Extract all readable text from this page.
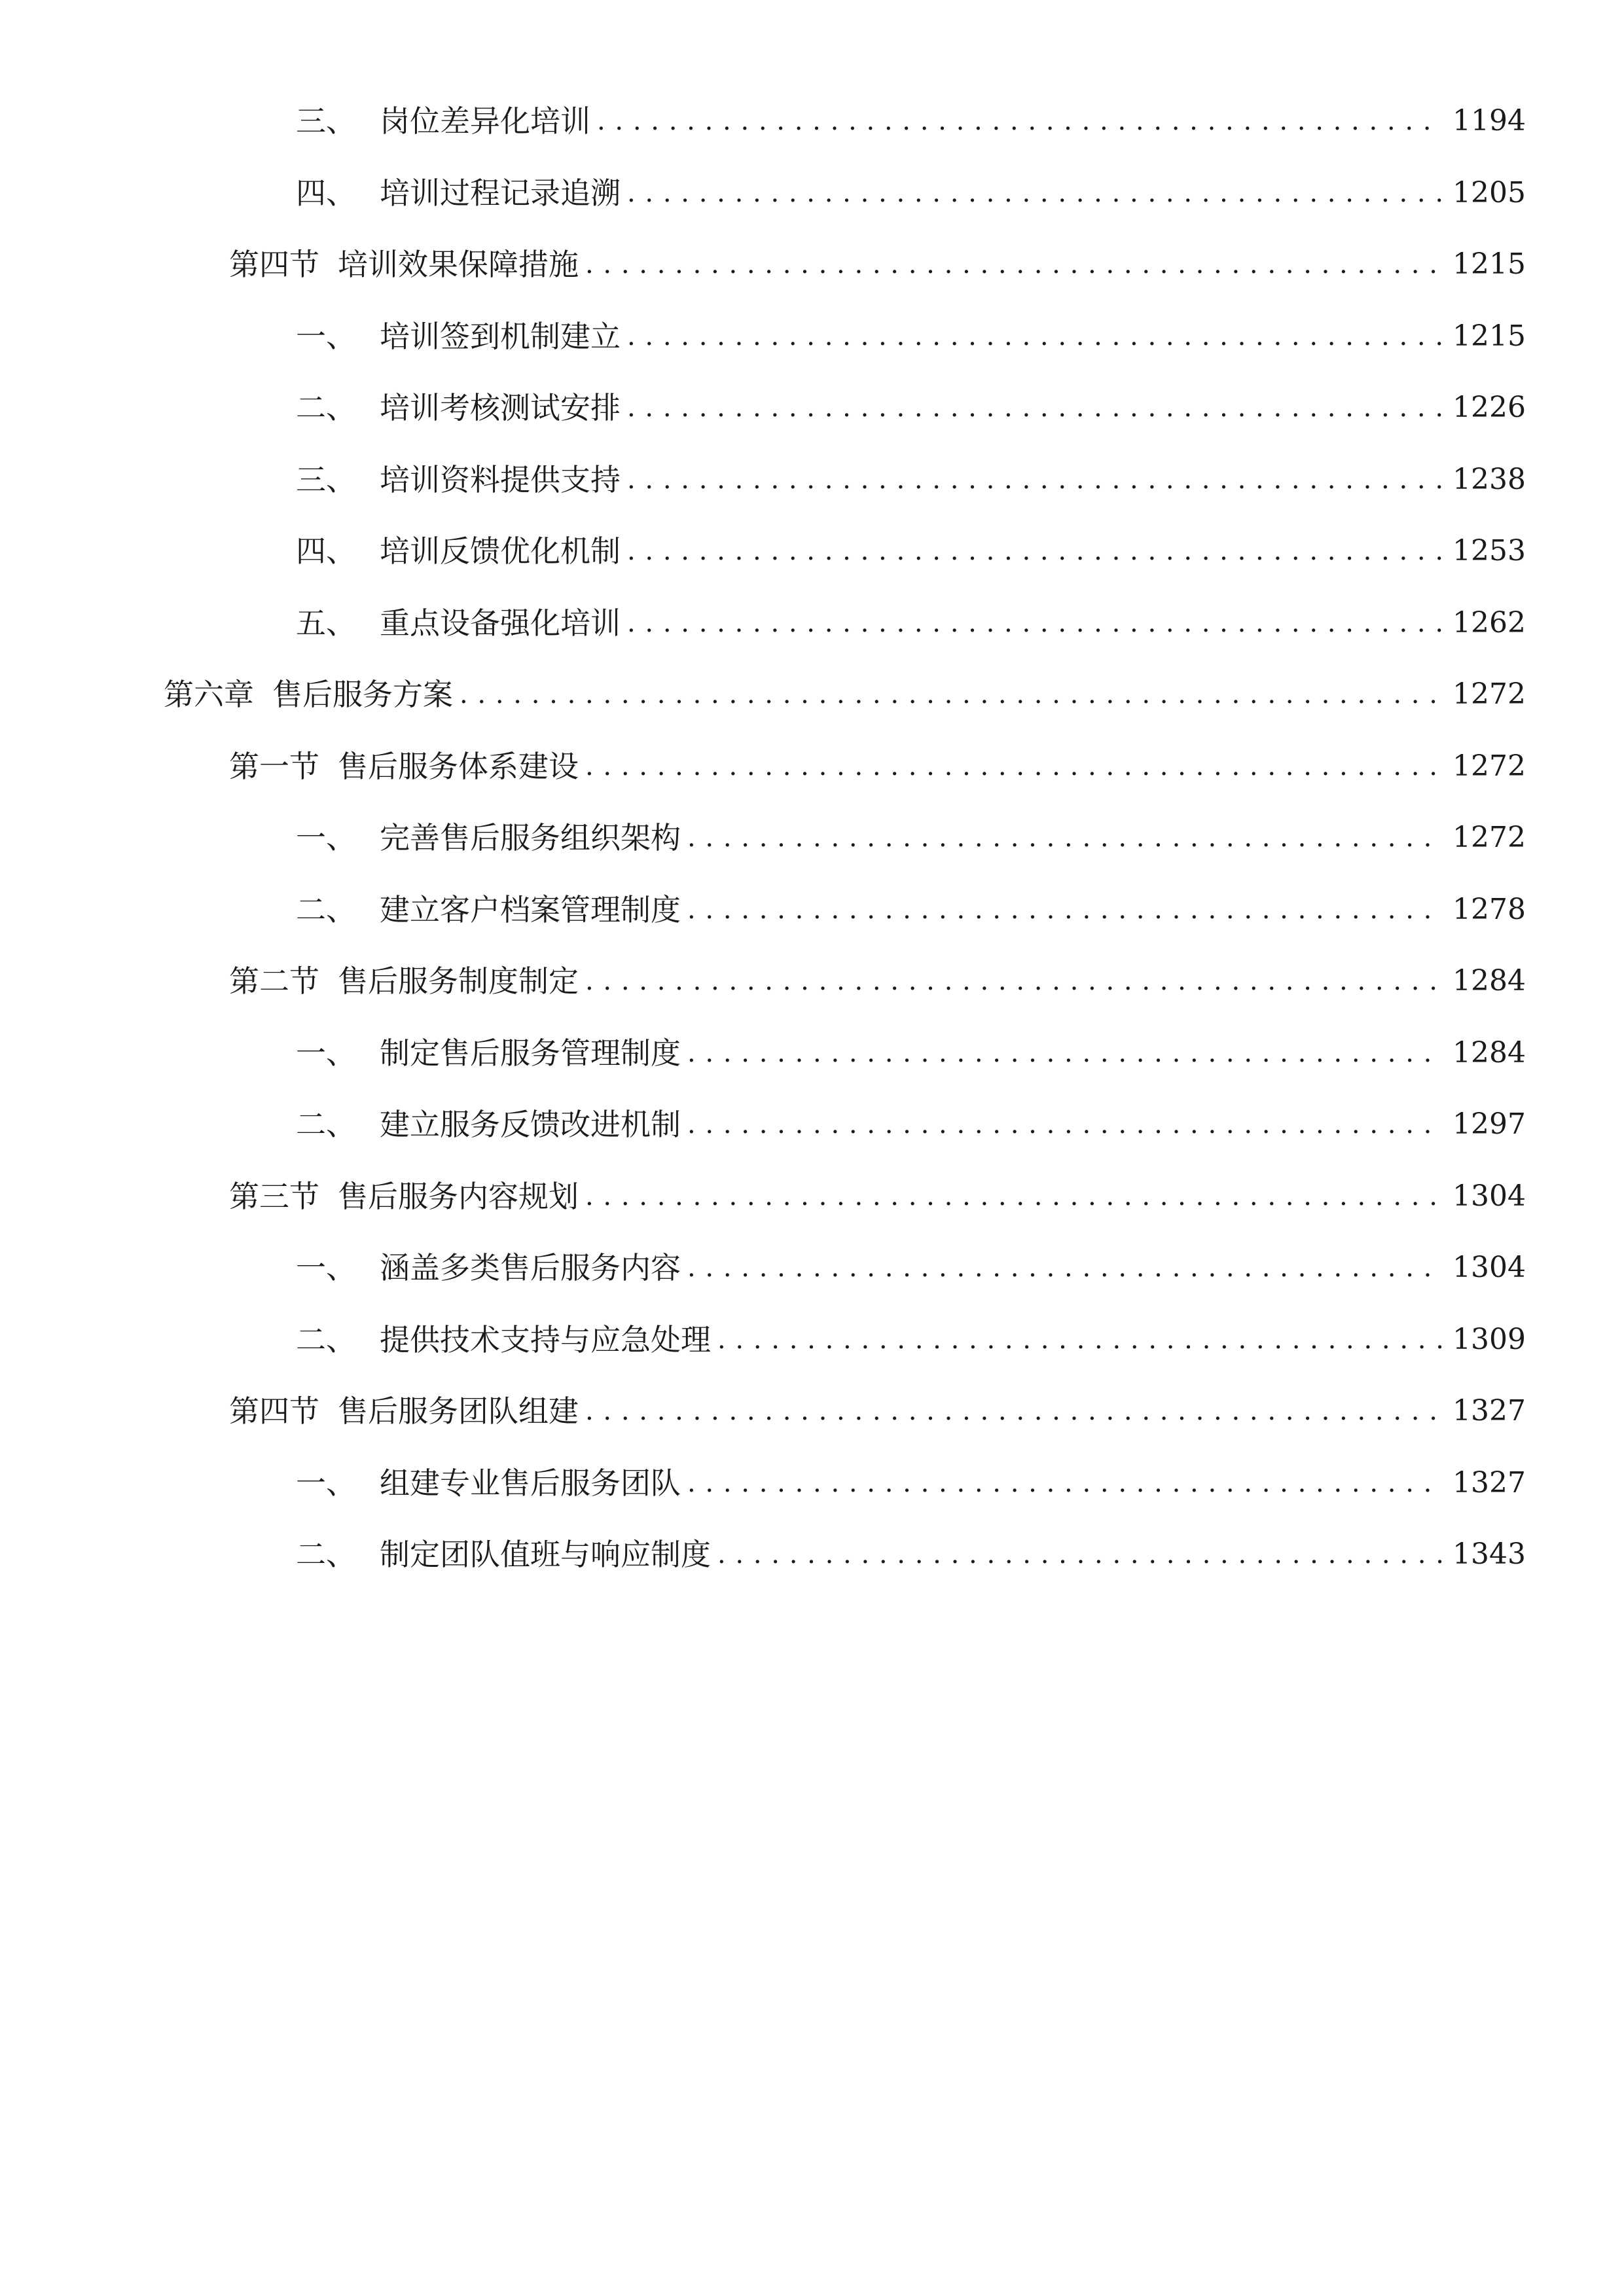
三、 岗位差异化培训 . . .	1194
四、 培训过程记录追溯 . . .	1205
第四节 培训效果保障措施 . . .	1215
一、 培训签到机制建立 . . .	1215
二、 培训考核测试安排 . . .	1226
三、 培训资料提供支持 . . .	1238
四、 培训反馈优化机制 . . .	1253
五、 重点设备强化培训 . . .	1262
第六章 售后服务方案 . . .	1272
第一节 售后服务体系建设 . . .	1272
一、 完善售后服务组织架构 . . .	1272
二、 建立客户档案管理制度 . . .	1278
第二节 售后服务制度制定 . . .	1284
一、 制定售后服务管理制度 . . .	1284
二、 建立服务反馈改进机制 . . .	1297
第三节 售后服务内容规划 . . .	1304
一、 涵盖多类售后服务内容 . . .	1304
二、 提供技术支持与应急处理 . . .	1309
第四节 售后服务团队组建 . . .	1327
一、 组建专业售后服务团队 . . .	1327
二、 制定团队值班与响应制度 . . .	1343
